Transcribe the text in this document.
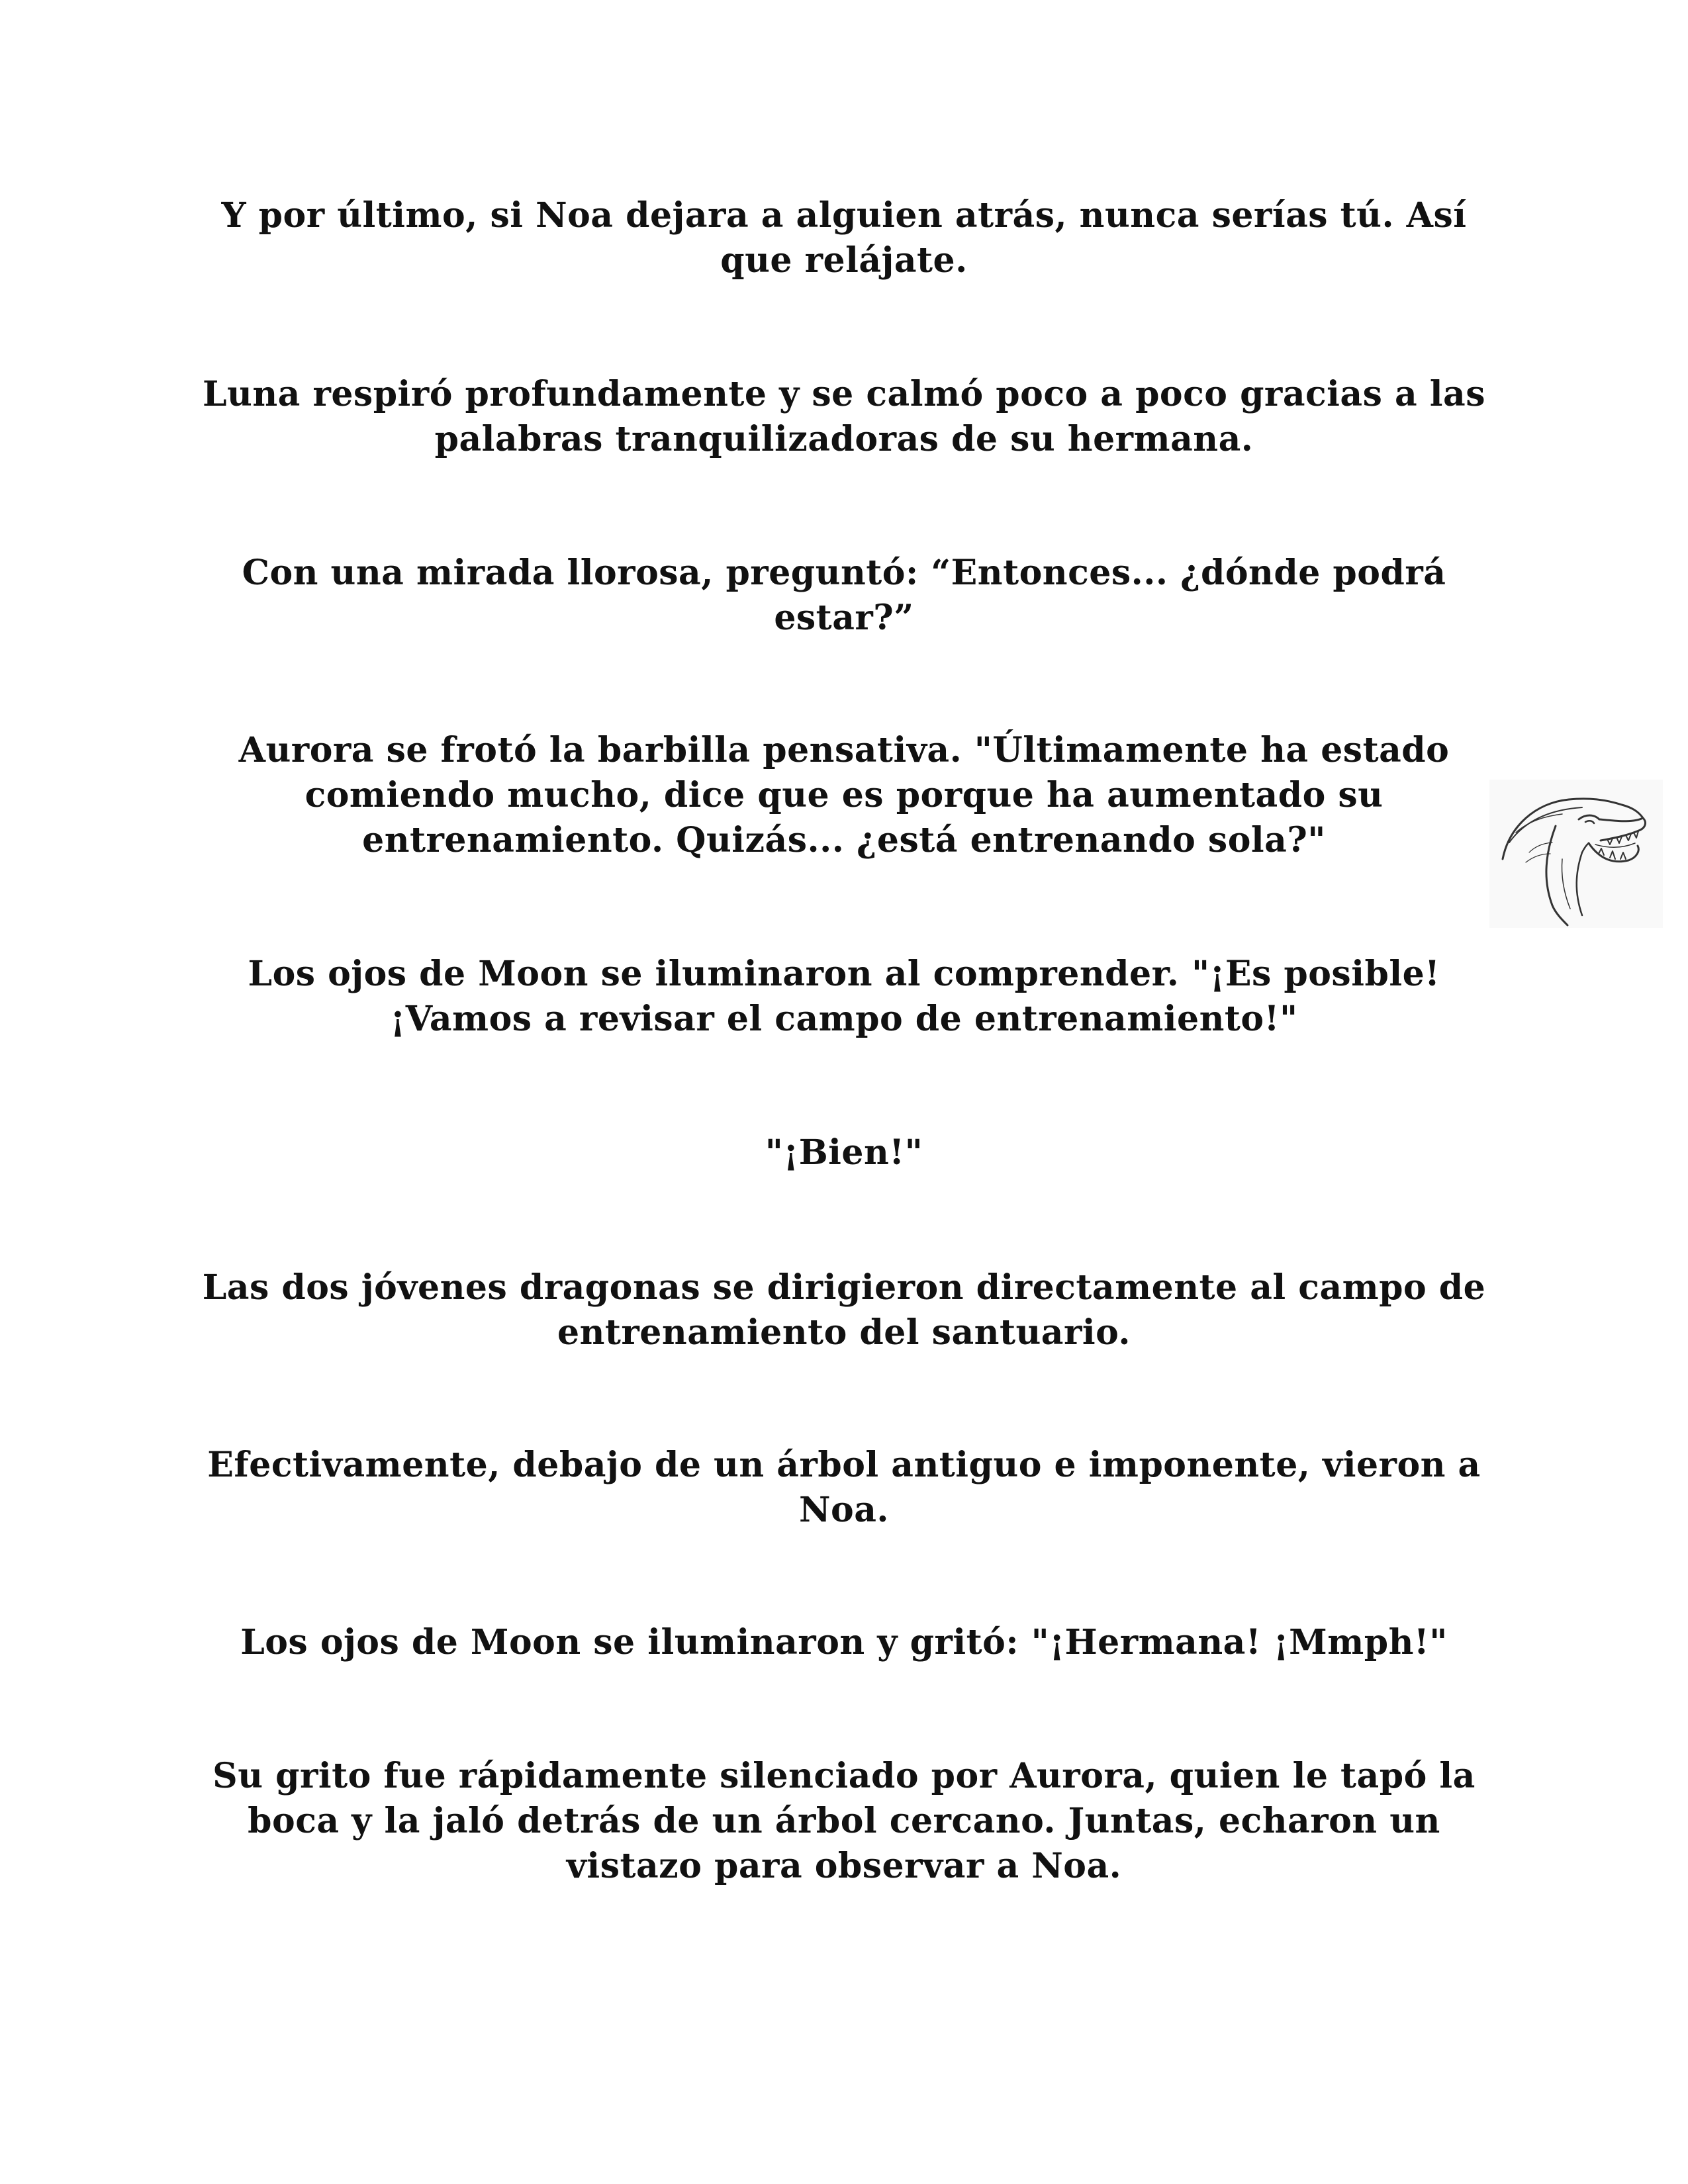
Y por último, si Noa dejara a alguien atrás, nunca serías tú. Así que relájate.

Luna respiró profundamente y se calmó poco a poco gracias a las palabras tranquilizadoras de su hermana.

Con una mirada llorosa, preguntó: “Entonces... ¿dónde podrá estar?”

Aurora se frotó la barbilla pensativa. "Últimamente ha estado comiendo mucho, dice que es porque ha aumentado su entrenamiento. Quizás... ¿está entrenando sola?"

Los ojos de Moon se iluminaron al comprender. "¡Es posible! ¡Vamos a revisar el campo de entrenamiento!"

"¡Bien!"

Las dos jóvenes dragonas se dirigieron directamente al campo de entrenamiento del santuario.

Efectivamente, debajo de un árbol antiguo e imponente, vieron a Noa.

Los ojos de Moon se iluminaron y gritó: "¡Hermana! ¡Mmph!"

Su grito fue rápidamente silenciado por Aurora, quien le tapó la boca y la jaló detrás de un árbol cercano. Juntas, echaron un vistazo para observar a Noa.
